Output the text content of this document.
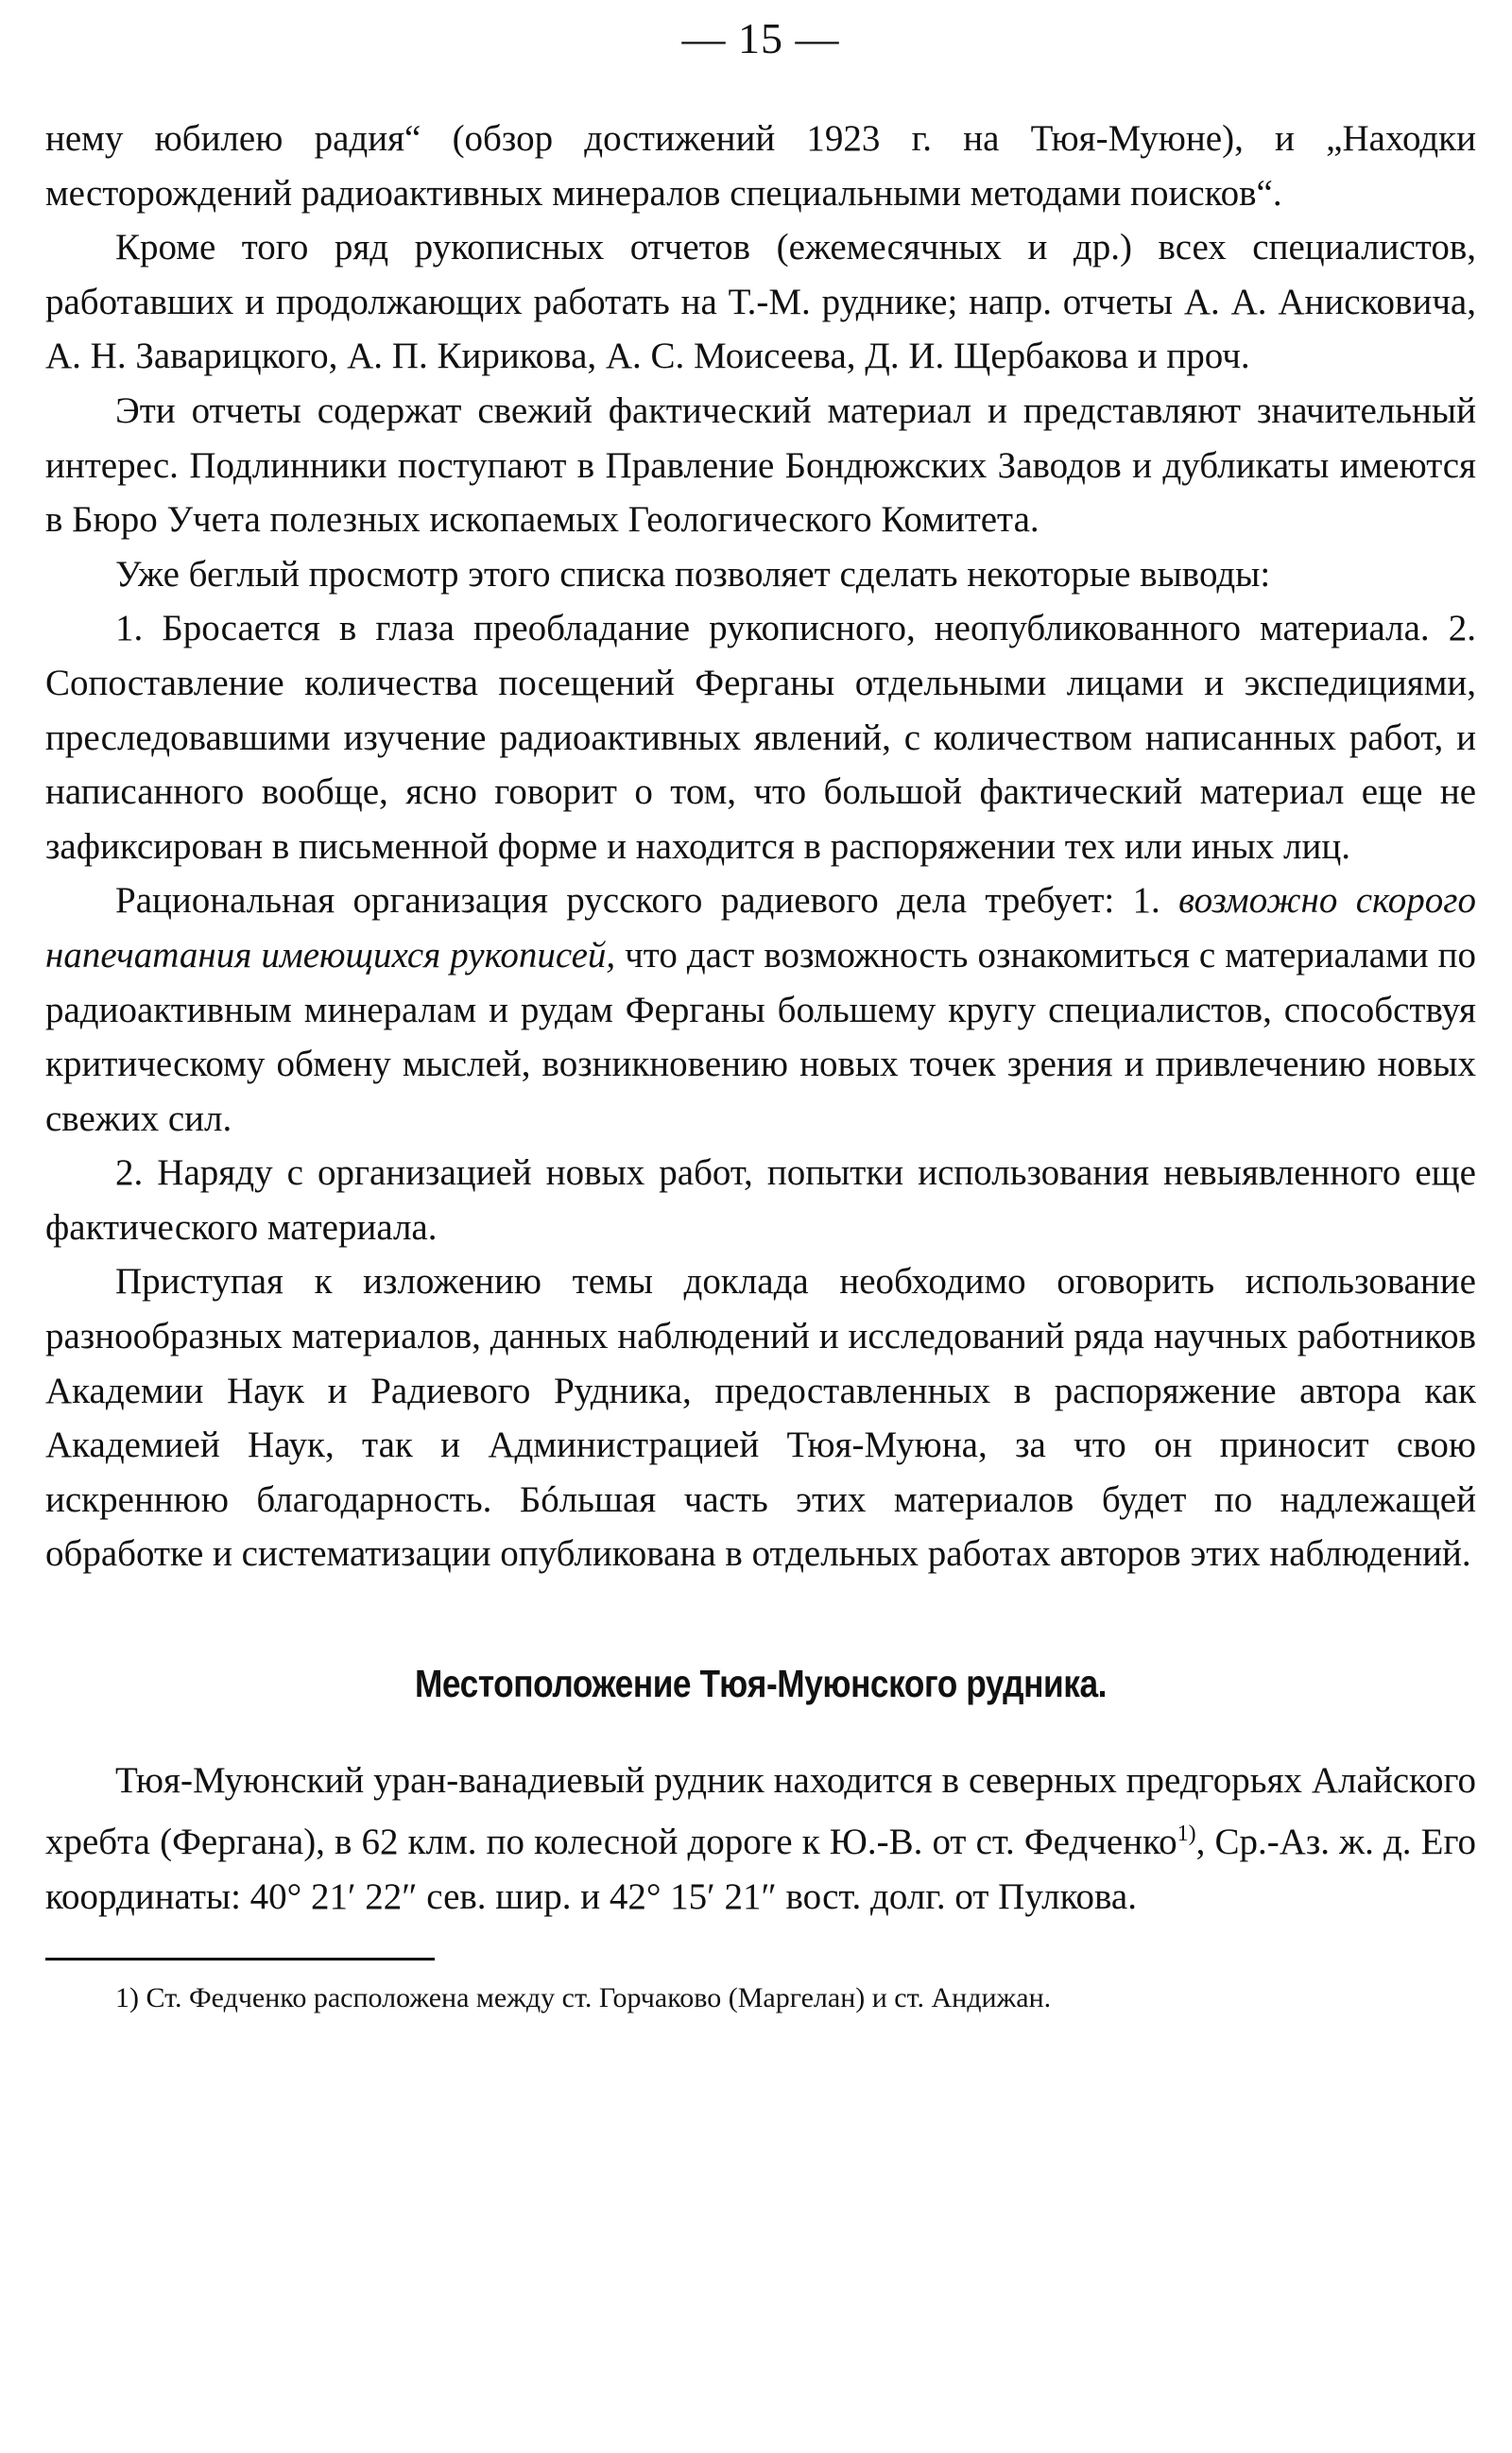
— 15 —

нему юбилею радия“ (обзор достижений 1923 г. на Тюя-Муюне), и „Находки месторождений радиоактивных минералов специальными методами поисков“.

Кроме того ряд рукописных отчетов (ежемесячных и др.) всех специалистов, работавших и продолжающих работать на Т.-М. руднике; напр. отчеты А. А. Анисковича, А. Н. Заварицкого, А. П. Кирикова, А. С. Моисеева, Д. И. Щербакова и проч.

Эти отчеты содержат свежий фактический материал и представляют значительный интерес. Подлинники поступают в Правление Бондюжских Заводов и дубликаты имеются в Бюро Учета полезных ископаемых Геологического Комитета.

Уже беглый просмотр этого списка позволяет сделать некоторые выводы:

1. Бросается в глаза преобладание рукописного, неопубликованного материала. 2. Сопоставление количества посещений Ферганы отдельными лицами и экспедициями, преследовавшими изучение радиоактивных явлений, с количеством написанных работ, и написанного вообще, ясно говорит о том, что большой фактический материал еще не зафиксирован в письменной форме и находится в распоряжении тех или иных лиц.

Рациональная организация русского радиевого дела требует: 1. возможно скорого напечатания имеющихся рукописей, что даст возможность ознакомиться с материалами по радиоактивным минералам и рудам Ферганы большему кругу специалистов, способствуя критическому обмену мыслей, возникновению новых точек зрения и привлечению новых свежих сил.

2. Наряду с организацией новых работ, попытки использования невыявленного еще фактического материала.

Приступая к изложению темы доклада необходимо оговорить использование разнообразных материалов, данных наблюдений и исследований ряда научных работников Академии Наук и Радиевого Рудника, предоставленных в распоряжение автора как Академией Наук, так и Администрацией Тюя-Муюна, за что он приносит свою искреннюю благодарность. Бóльшая часть этих материалов будет по надлежащей обработке и систематизации опубликована в отдельных работах авторов этих наблюдений.

Местоположение Тюя-Муюнского рудника.

Тюя-Муюнский уран-ванадиевый рудник находится в северных предгорьях Алайского хребта (Фергана), в 62 клм. по колесной дороге к Ю.-В. от ст. Федченко$^{1)}$, Ср.-Аз. ж. д. Его координаты: 40° 21′ 22″ сев. шир. и 42° 15′ 21″ вост. долг. от Пулкова.

1) Ст. Федченко расположена между ст. Горчаково (Маргелан) и ст. Андижан.
